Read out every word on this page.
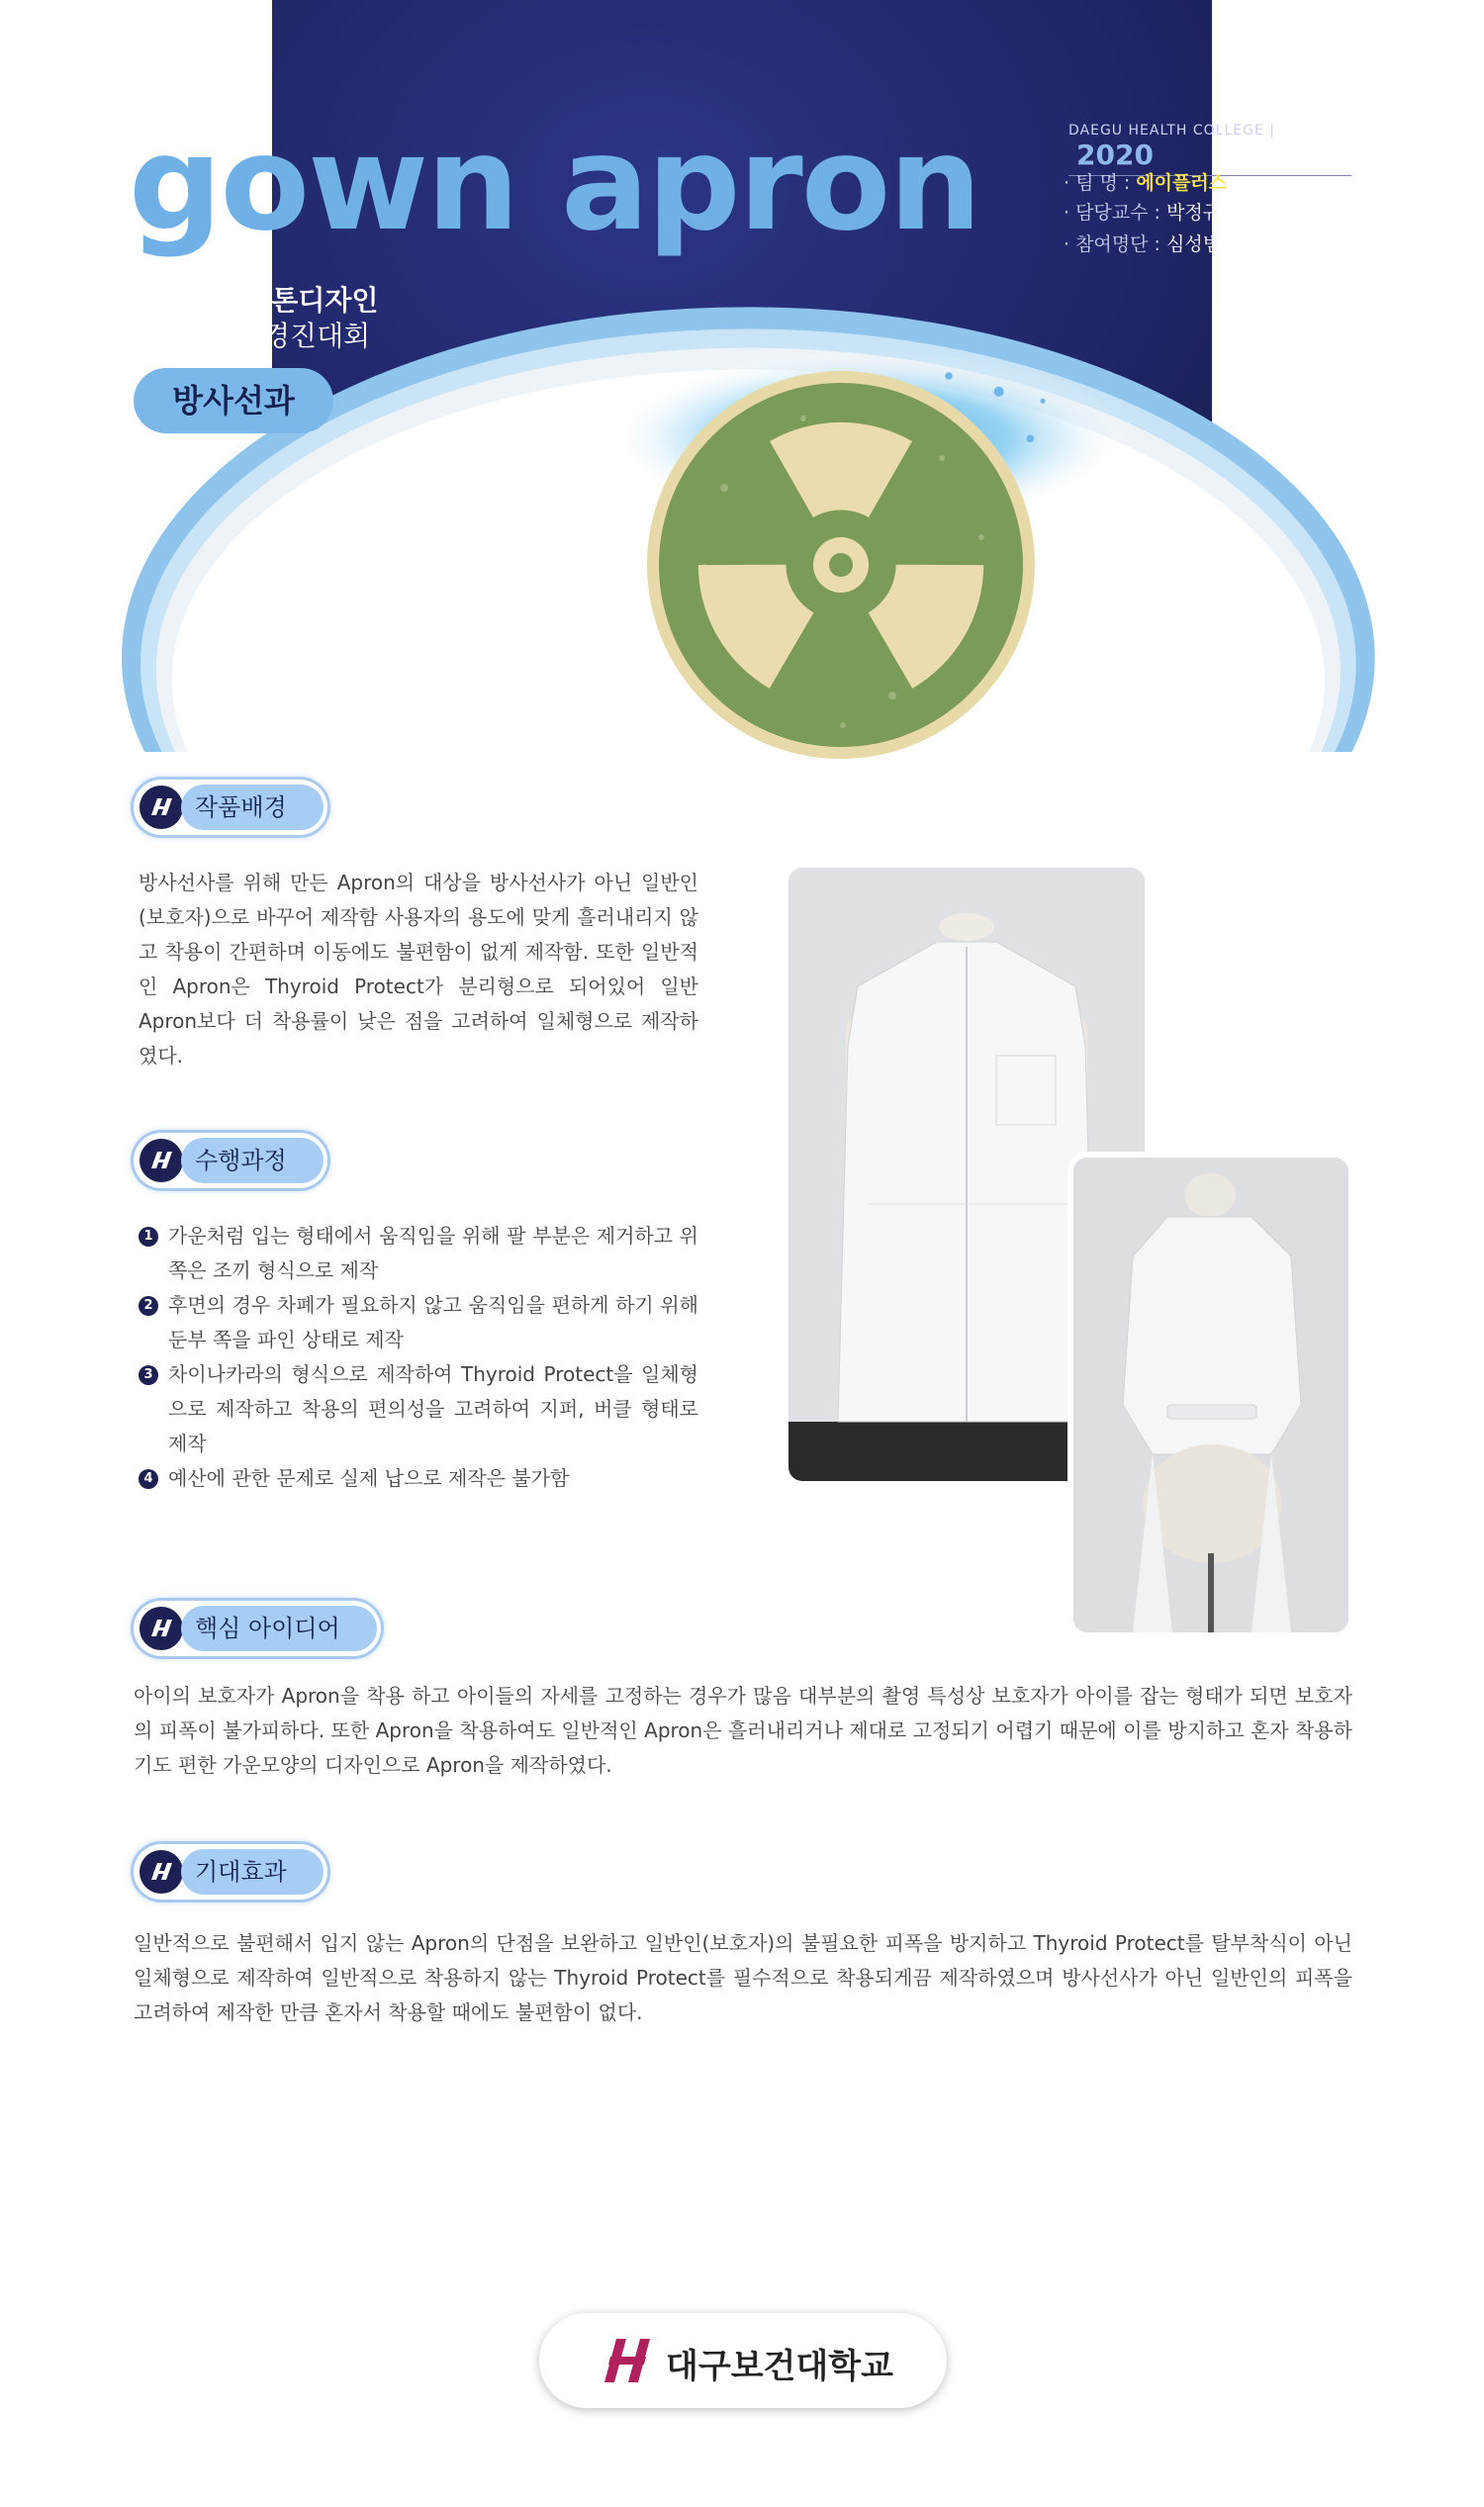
gown apron
2020 캡스톤디자인
전시회 및 경진대회
방사선과
DAEGU HEALTH COLLEGE | 2020
· 팀 명 : 에이플러스
· 담당교수 : 박정규
· 참여명단 : 심성범 김태훈 심가을
작품배경
방사선사를 위해 만든 Apron의 대상을 방사선사가 아닌 일반인(보호자)으로 바꾸어 제작함 사용자의 용도에 맞게 흘러내리지 않고 착용이 간편하며 이동에도 불편함이 없게 제작함. 또한 일반적인 Apron은 Thyroid Protect가 분리형으로 되어있어 일반 Apron보다 더 착용률이 낮은 점을 고려하여 일체형으로 제작하였다.
수행과정
1 가운처럼 입는 형태에서 움직임을 위해 팔 부분은 제거하고 위쪽은 조끼 형식으로 제작
2 후면의 경우 차폐가 필요하지 않고 움직임을 편하게 하기 위해 둔부 쪽을 파인 상태로 제작
3 차이나카라의 형식으로 제작하여 Thyroid Protect을 일체형으로 제작하고 착용의 편의성을 고려하여 지퍼, 버클 형태로 제작
4 예산에 관한 문제로 실제 납으로 제작은 불가함
핵심 아이디어
아이의 보호자가 Apron을 착용 하고 아이들의 자세를 고정하는 경우가 많음 대부분의 촬영 특성상 보호자가 아이를 잡는 형태가 되면 보호자의 피폭이 불가피하다. 또한 Apron을 착용하여도 일반적인 Apron은 흘러내리거나 제대로 고정되기 어렵기 때문에 이를 방지하고 혼자 착용하기도 편한 가운모양의 디자인으로 Apron을 제작하였다.
기대효과
일반적으로 불편해서 입지 않는 Apron의 단점을 보완하고 일반인(보호자)의 불필요한 피폭을 방지하고 Thyroid Protect를 탈부착식이 아닌 일체형으로 제작하여 일반적으로 착용하지 않는 Thyroid Protect를 필수적으로 착용되게끔 제작하였으며 방사선사가 아닌 일반인의 피폭을 고려하여 제작한 만큼 혼자서 착용할 때에도 불편함이 없다.
대구보건대학교
